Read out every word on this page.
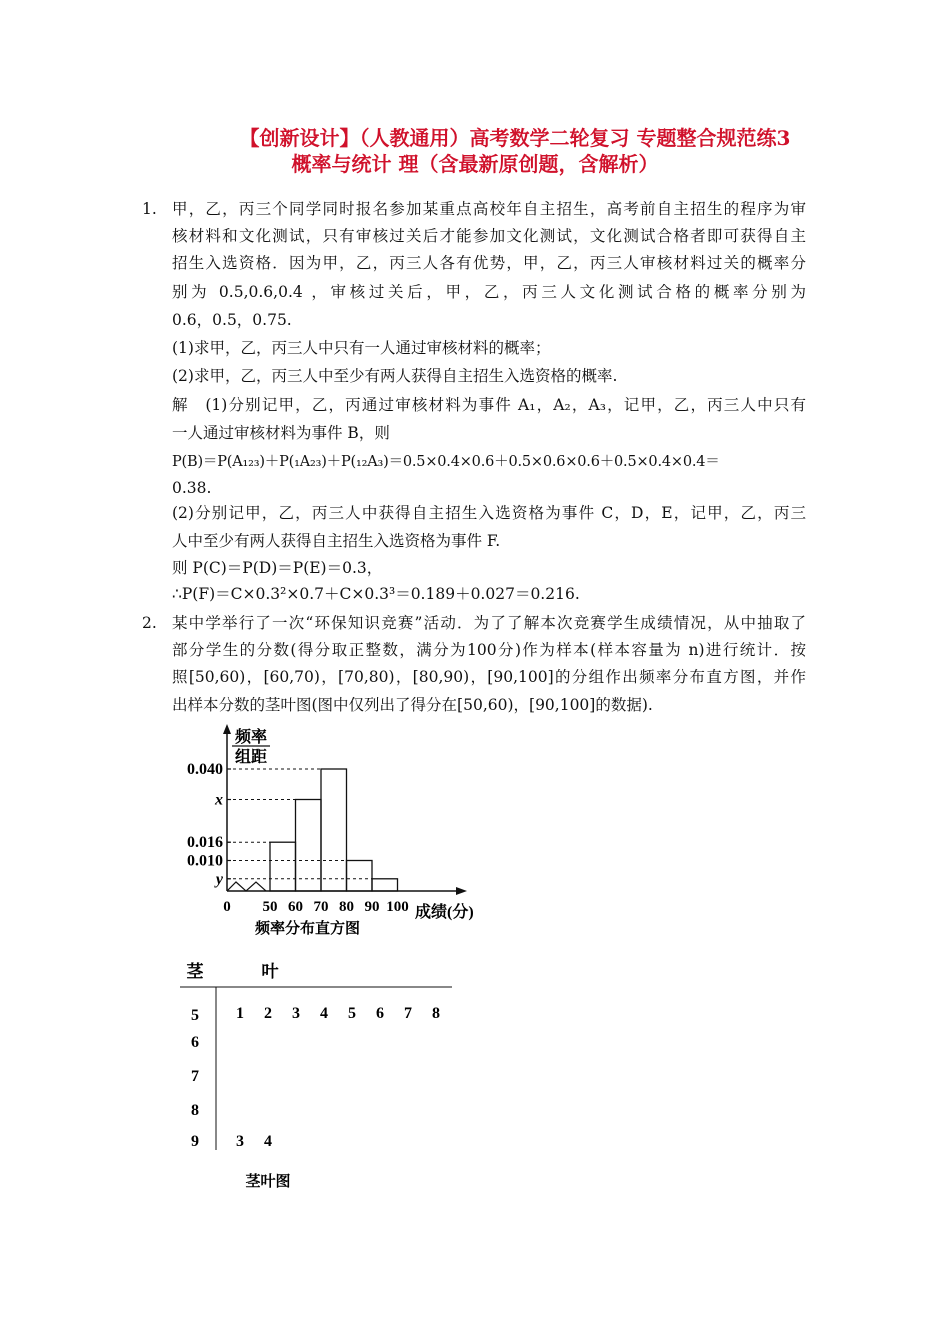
【创新设计】（人教通用）高考数学二轮复习 专题整合规范练3
概率与统计 理（含最新原创题，含解析）
1. 甲，乙，丙三个同学同时报名参加某重点高校年自主招生，高考前自主招生的程序为审
核材料和文化测试，只有审核过关后才能参加文化测试，文化测试合格者即可获得自主
招生入选资格．因为甲，乙，丙三人各有优势，甲，乙，丙三人审核材料过关的概率分
别为 0.5,0.6,0.4 ，审核过关后，甲，乙，丙三人文化测试合格的概率分别为
0.6，0.5，0.75.
(1)求甲，乙，丙三人中只有一人通过审核材料的概率；
(2)求甲，乙，丙三人中至少有两人获得自主招生入选资格的概率.
解　(1)分别记甲，乙，丙通过审核材料为事件 A₁，A₂，A₃，记甲，乙，丙三人中只有
一人通过审核材料为事件 B，则
P(B)＝P(A₁₂₃)＋P(₁A₂₃)＋P(₁₂A₃)＝0.5×0.4×0.6＋0.5×0.6×0.6＋0.5×0.4×0.4＝
0.38.
(2)分别记甲，乙，丙三人中获得自主招生入选资格为事件 C，D，E，记甲，乙，丙三
人中至少有两人获得自主招生入选资格为事件 F.
则 P(C)＝P(D)＝P(E)＝0.3，
∴P(F)＝C×0.3²×0.7＋C×0.3³＝0.189＋0.027＝0.216.
2. 某中学举行了一次“环保知识竞赛”活动．为了了解本次竞赛学生成绩情况，从中抽取了
部分学生的分数(得分取正整数，满分为100分)作为样本(样本容量为 n)进行统计．按
照[50,60)，[60,70)，[70,80)，[80,90)，[90,100]的分组作出频率分布直方图，并作
出样本分数的茎叶图(图中仅列出了得分在[50,60)，[90,100]的数据).
频率
组距
0.040
x
0.016
0.010
y
0 50 60 70 80 90 100 成绩(分)
频率分布直方图
茎	叶
5 1 2 3 4 5 6 7 8
6
7
8
9 3 4
茎叶图
